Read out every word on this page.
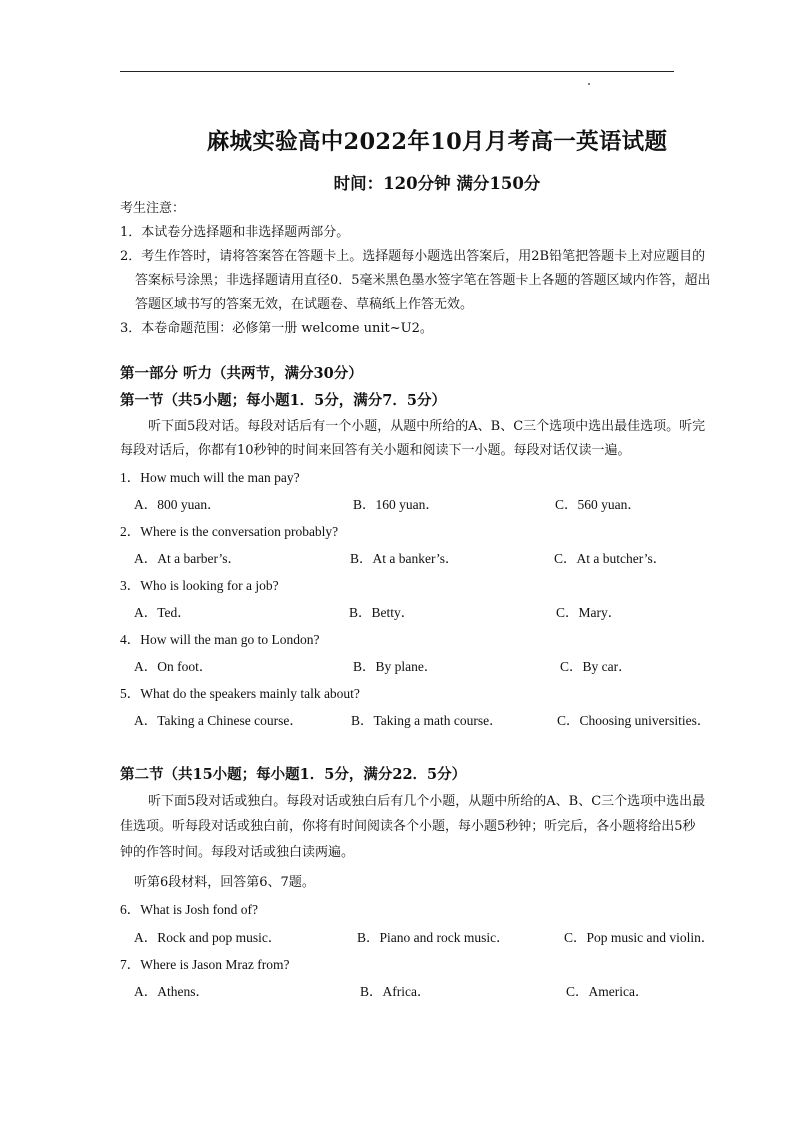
麻城实验高中2022年10月月考高一英语试题
时间：120分钟 满分150分
考生注意：
1．本试卷分选择题和非选择题两部分。
2．考生作答时，请将答案答在答题卡上。选择题每小题选出答案后，用2B铅笔把答题卡上对应题目的
答案标号涂黑；非选择题请用直径0．5毫米黑色墨水签字笔在答题卡上各题的答题区域内作答，超出
答题区域书写的答案无效，在试题卷、草稿纸上作答无效。
3．本卷命题范围：必修第一册 welcome unit~U2。
第一部分 听力（共两节，满分30分）
第一节（共5小题；每小题1．5分，满分7．5分）
听下面5段对话。每段对话后有一个小题，从题中所给的A、B、C三个选项中选出最佳选项。听完
每段对话后，你都有10秒钟的时间来回答有关小题和阅读下一小题。每段对话仅读一遍。
1．How much will the man pay?
A．800 yuan．	B．160 yuan．	C．560 yuan．
2．Where is the conversation probably?
A．At a barber’s．	B．At a banker’s．	C．At a butcher’s．
3．Who is looking for a job?
A．Ted．	B．Betty．	C．Mary．
4．How will the man go to London?
A．On foot．	B．By plane．	C．By car．
5．What do the speakers mainly talk about?
A．Taking a Chinese course．	B．Taking a math course．	C．Choosing universities．
第二节（共15小题；每小题1．5分，满分22．5分）
听下面5段对话或独白。每段对话或独白后有几个小题，从题中所给的A、B、C三个选项中选出最
佳选项。听每段对话或独白前，你将有时间阅读各个小题，每小题5秒钟；听完后，各小题将给出5秒
钟的作答时间。每段对话或独白读两遍。
听第6段材料，回答第6、7题。
6．What is Josh fond of?
A．Rock and pop music．	B．Piano and rock music．	C．Pop music and violin．
7．Where is Jason Mraz from?
A．Athens．	B．Africa．	C．America．
